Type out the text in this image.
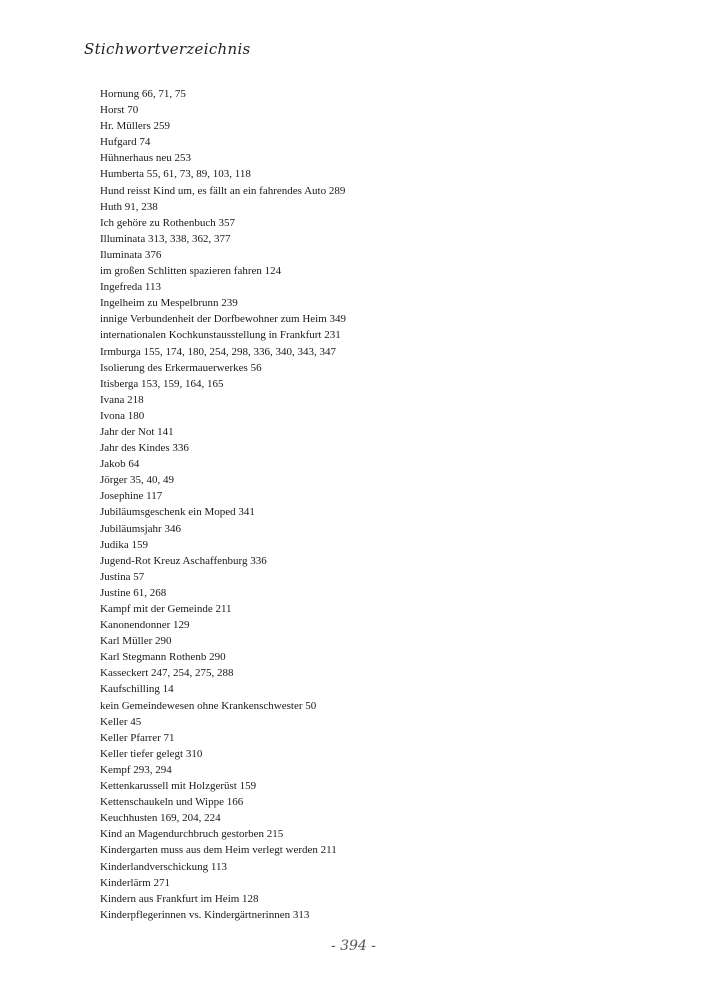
Stichwortverzeichnis
Hornung 66, 71, 75
Horst 70
Hr. Müllers 259
Hufgard 74
Hühnerhaus neu 253
Humberta 55, 61, 73, 89, 103, 118
Hund reisst Kind um, es fällt an ein fahrendes Auto 289
Huth 91, 238
Ich gehöre zu Rothenbuch 357
Illuminata 313, 338, 362, 377
Iluminata 376
im großen Schlitten spazieren fahren 124
Ingefreda 113
Ingelheim zu Mespelbrunn 239
innige Verbundenheit der Dorfbewohner zum Heim 349
internationalen Kochkunstausstellung in Frankfurt 231
Irmburga 155, 174, 180, 254, 298, 336, 340, 343, 347
Isolierung des Erkermauerwerkes 56
Itisberga 153, 159, 164, 165
Ivana 218
Ivona 180
Jahr der Not 141
Jahr des Kindes 336
Jakob 64
Jörger 35, 40, 49
Josephine 117
Jubiläumsgeschenk ein Moped 341
Jubiläumsjahr 346
Judika 159
Jugend-Rot Kreuz Aschaffenburg 336
Justina 57
Justine 61, 268
Kampf mit der Gemeinde 211
Kanonendonner 129
Karl Müller 290
Karl Stegmann Rothenb 290
Kasseckert 247, 254, 275, 288
Kaufschilling 14
kein Gemeindewesen ohne Krankenschwester 50
Keller 45
Keller Pfarrer 71
Keller tiefer gelegt 310
Kempf 293, 294
Kettenkarussell mit Holzgerüst 159
Kettenschaukeln und Wippe 166
Keuchhusten 169, 204, 224
Kind an Magendurchbruch gestorben 215
Kindergarten muss aus dem Heim verlegt werden 211
Kinderlandverschickung 113
Kinderlärm 271
Kindern aus Frankfurt im Heim 128
Kinderpflegerinnen vs. Kindergärtnerinnen 313
- 394 -
